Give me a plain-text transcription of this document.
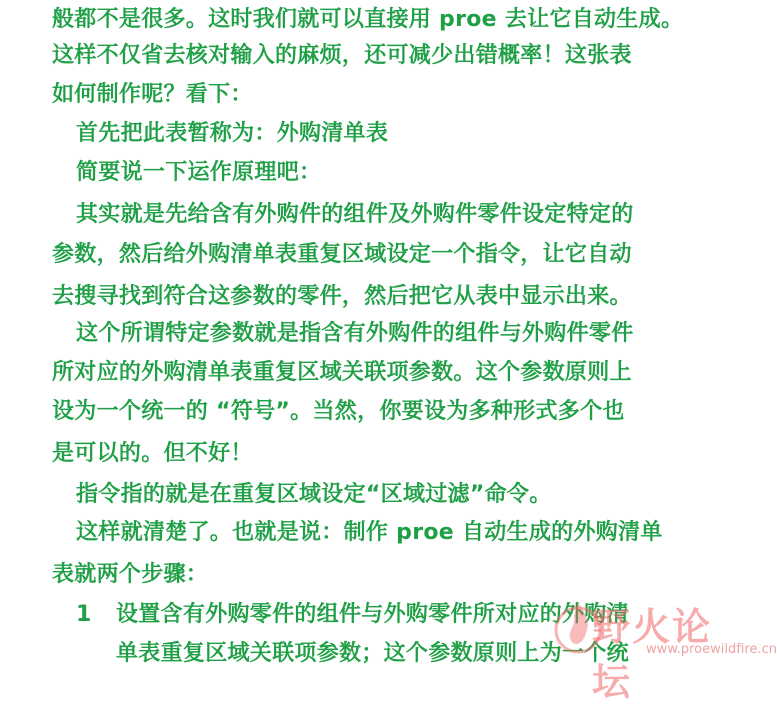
般都不是很多。这时我们就可以直接用 proe 去让它自动生成。
这样不仅省去核对输入的麻烦，还可减少出错概率！这张表
如何制作呢？看下：
首先把此表暂称为：外购清单表
简要说一下运作原理吧：
其实就是先给含有外购件的组件及外购件零件设定特定的
参数，然后给外购清单表重复区域设定一个指令，让它自动
去搜寻找到符合这参数的零件，然后把它从表中显示出来。
这个所谓特定参数就是指含有外购件的组件与外购件零件
所对应的外购清单表重复区域关联项参数。这个参数原则上
设为一个统一的 “符号”。当然，你要设为多种形式多个也
是可以的。但不好！
指令指的就是在重复区域设定“区域过滤”命令。
这样就清楚了。也就是说：制作 proe 自动生成的外购清单
表就两个步骤：
1 设置含有外购零件的组件与外购零件所对应的外购清
单表重复区域关联项参数；这个参数原则上为一个统
野火论坛
www.proewildfire.cn
